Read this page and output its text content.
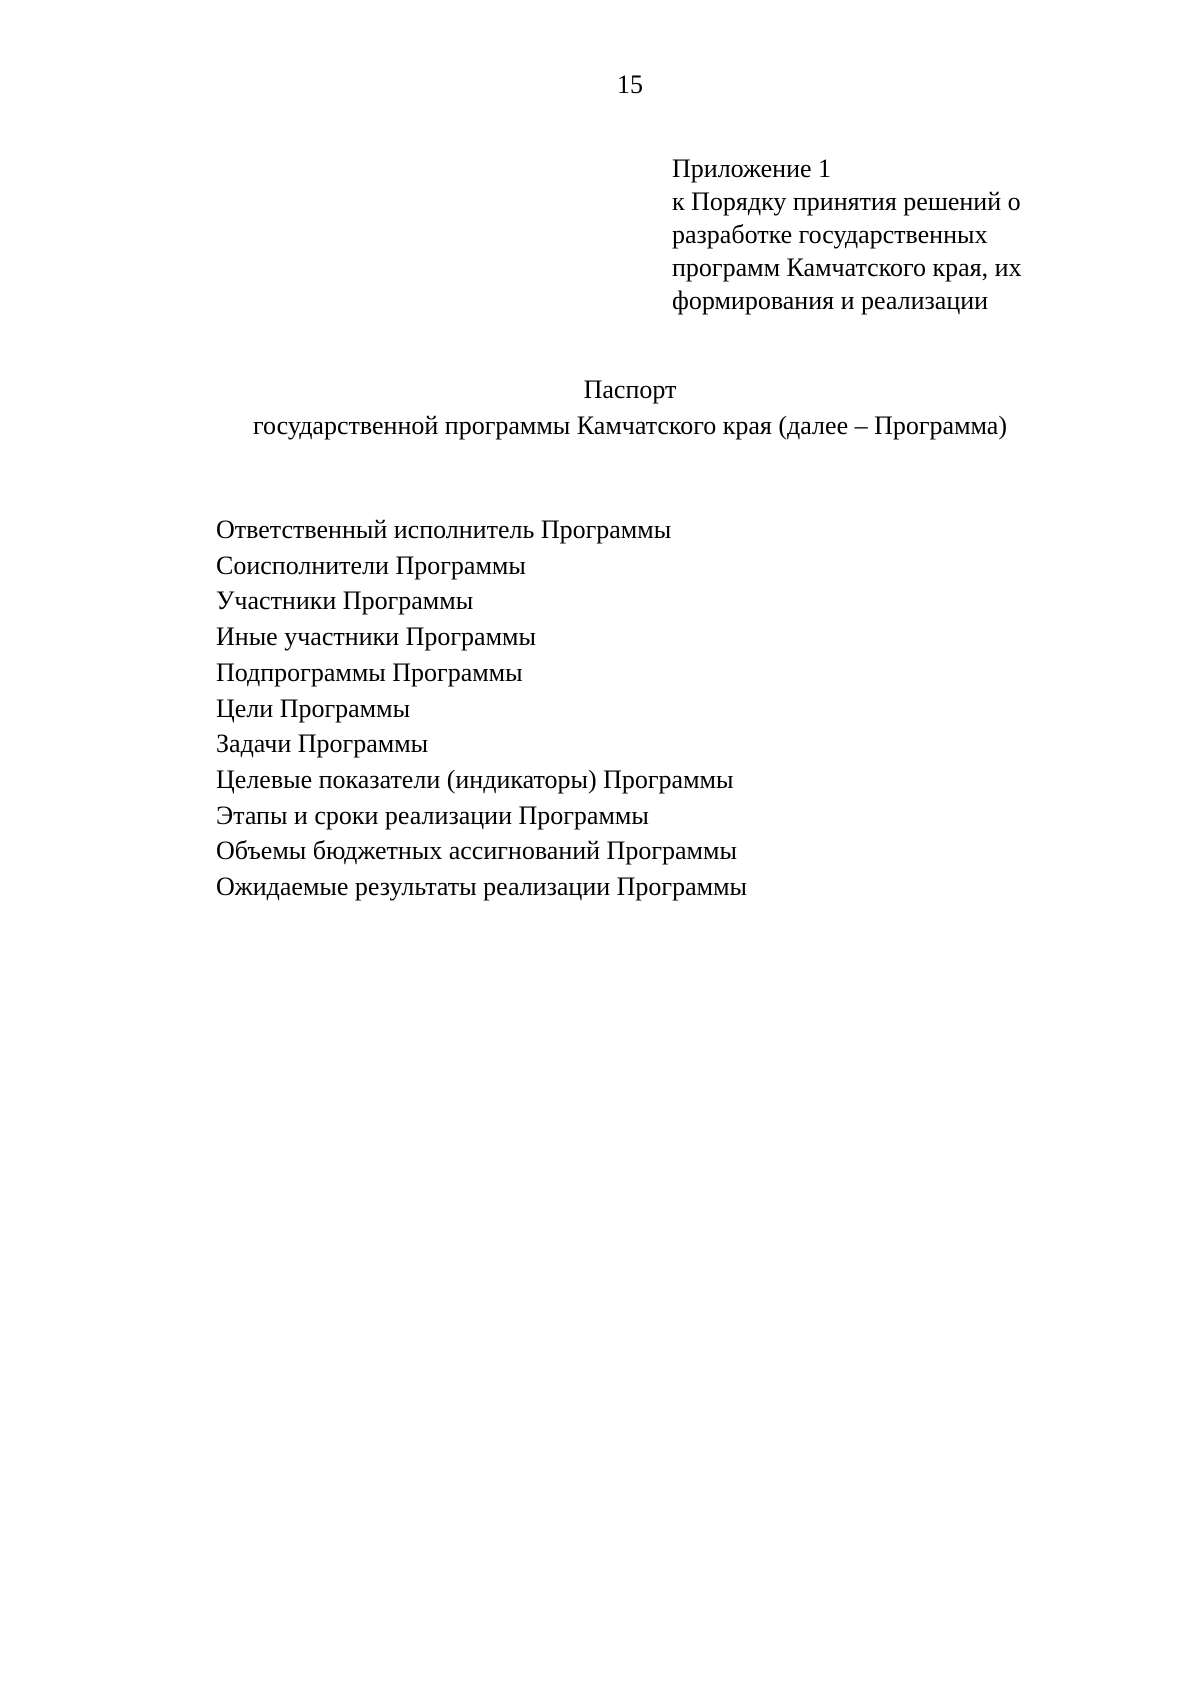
15
Приложение 1
к Порядку принятия решений о
разработке государственных
программ Камчатского края, их
формирования и реализации
Паспорт
государственной программы Камчатского края (далее – Программа)
Ответственный исполнитель Программы
Соисполнители Программы
Участники Программы
Иные участники Программы
Подпрограммы Программы
Цели Программы
Задачи Программы
Целевые показатели (индикаторы) Программы
Этапы и сроки реализации Программы
Объемы бюджетных ассигнований Программы
Ожидаемые результаты реализации Программы
